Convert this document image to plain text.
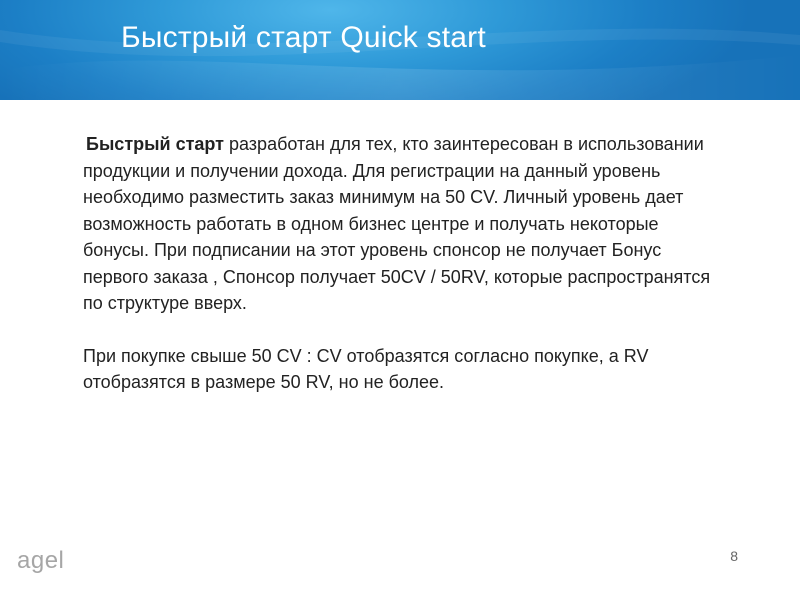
Быстрый старт Quick start

Быстрый старт разработан для тех, кто заинтересован в использовании продукции и получении дохода. Для регистрации на данный уровень необходимо разместить заказ минимум на 50 CV. Личный уровень дает возможность работать в одном бизнес центре и получать некоторые бонусы. При подписании на этот уровень спонсор не получает Бонус первого заказа , Спонсор получает 50CV / 50RV, которые распространятся по структуре вверх.

При покупке свыше 50 CV : CV отобразятся согласно покупке, а RV отобразятся в размере 50 RV, но не более.

agel	8
